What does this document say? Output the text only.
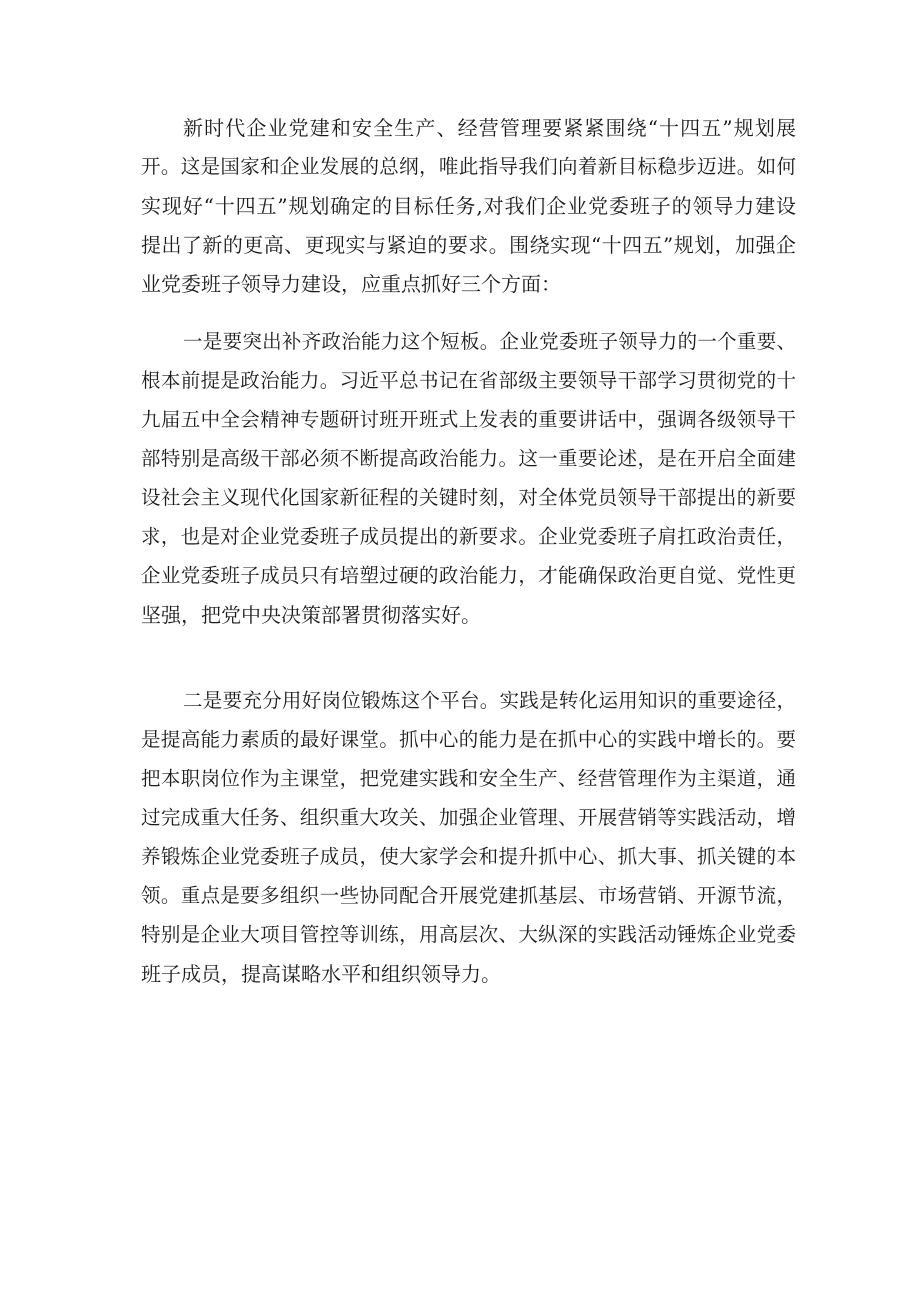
新时代企业党建和安全生产、经营管理要紧紧围绕“十四五”规划展

开。这是国家和企业发展的总纲，唯此指导我们向着新目标稳步迈进。如何

实现好“十四五”规划确定的目标任务,对我们企业党委班子的领导力建设

提出了新的更高、更现实与紧迫的要求。围绕实现“十四五”规划，加强企

业党委班子领导力建设，应重点抓好三个方面：

一是要突出补齐政治能力这个短板。企业党委班子领导力的一个重要、

根本前提是政治能力。习近平总书记在省部级主要领导干部学习贯彻党的十

九届五中全会精神专题研讨班开班式上发表的重要讲话中，强调各级领导干

部特别是高级干部必须不断提高政治能力。这一重要论述，是在开启全面建

设社会主义现代化国家新征程的关键时刻，对全体党员领导干部提出的新要

求，也是对企业党委班子成员提出的新要求。企业党委班子肩扛政治责任，

企业党委班子成员只有培塑过硬的政治能力，才能确保政治更自觉、党性更

坚强，把党中央决策部署贯彻落实好。

二是要充分用好岗位锻炼这个平台。实践是转化运用知识的重要途径，

是提高能力素质的最好课堂。抓中心的能力是在抓中心的实践中增长的。要

把本职岗位作为主课堂，把党建实践和安全生产、经营管理作为主渠道，通

过完成重大任务、组织重大攻关、加强企业管理、开展营销等实践活动，增

养锻炼企业党委班子成员，使大家学会和提升抓中心、抓大事、抓关键的本

领。重点是要多组织一些协同配合开展党建抓基层、市场营销、开源节流，

特别是企业大项目管控等训练，用高层次、大纵深的实践活动锤炼企业党委

班子成员，提高谋略水平和组织领导力。
